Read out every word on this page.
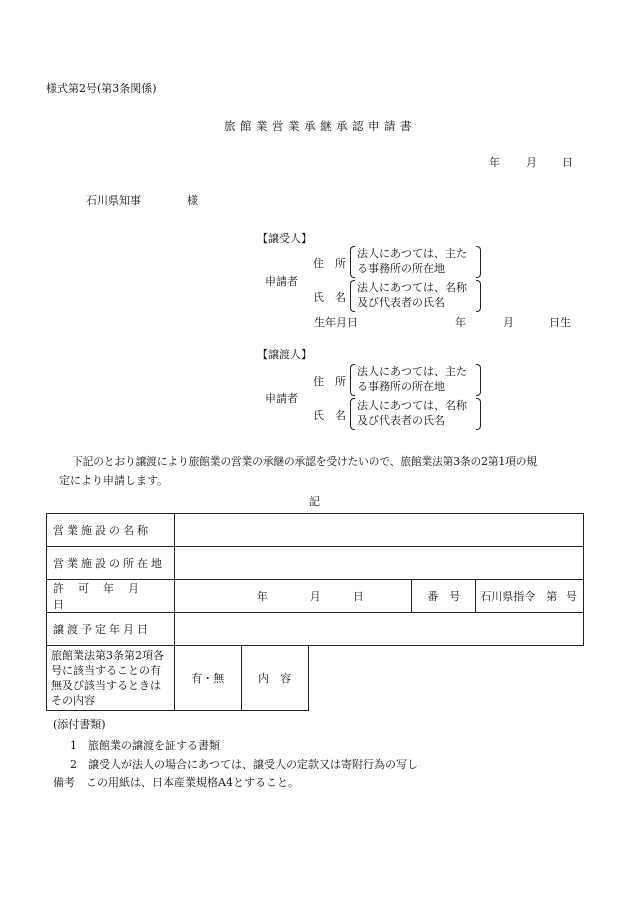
様式第2号(第3条関係)
旅館業営業承継承認申請書
年 月 日
石川県知事	様
【譲受人】
申請者
住　所
法人にあつては、主た
る事務所の所在地
氏　名
法人にあつては、名称
及び代表者の氏名
生年月日	年	月	日生
【譲渡人】
申請者
住　所
法人にあつては、主た
る事務所の所在地
氏　名
法人にあつては、名称
及び代表者の氏名
下記のとおり譲渡により旅館業の営業の承継の承認を受けたいので、旅館業法第3条の2第1項の規
定により申請します。
記
営業施設の名称					
営業施設の所在地					
許可年月日	年 月 日			番　号	石川県指令　第 号

譲渡予定年月日					
旅館業法第3条第2項各号に該当することの有無及び該当するときはその内容	有・無	内　容			
(添付書類)
1　旅館業の譲渡を証する書類
2　譲受人が法人の場合にあつては、譲受人の定款又は寄附行為の写し
備考　この用紙は、日本産業規格A4とすること。
